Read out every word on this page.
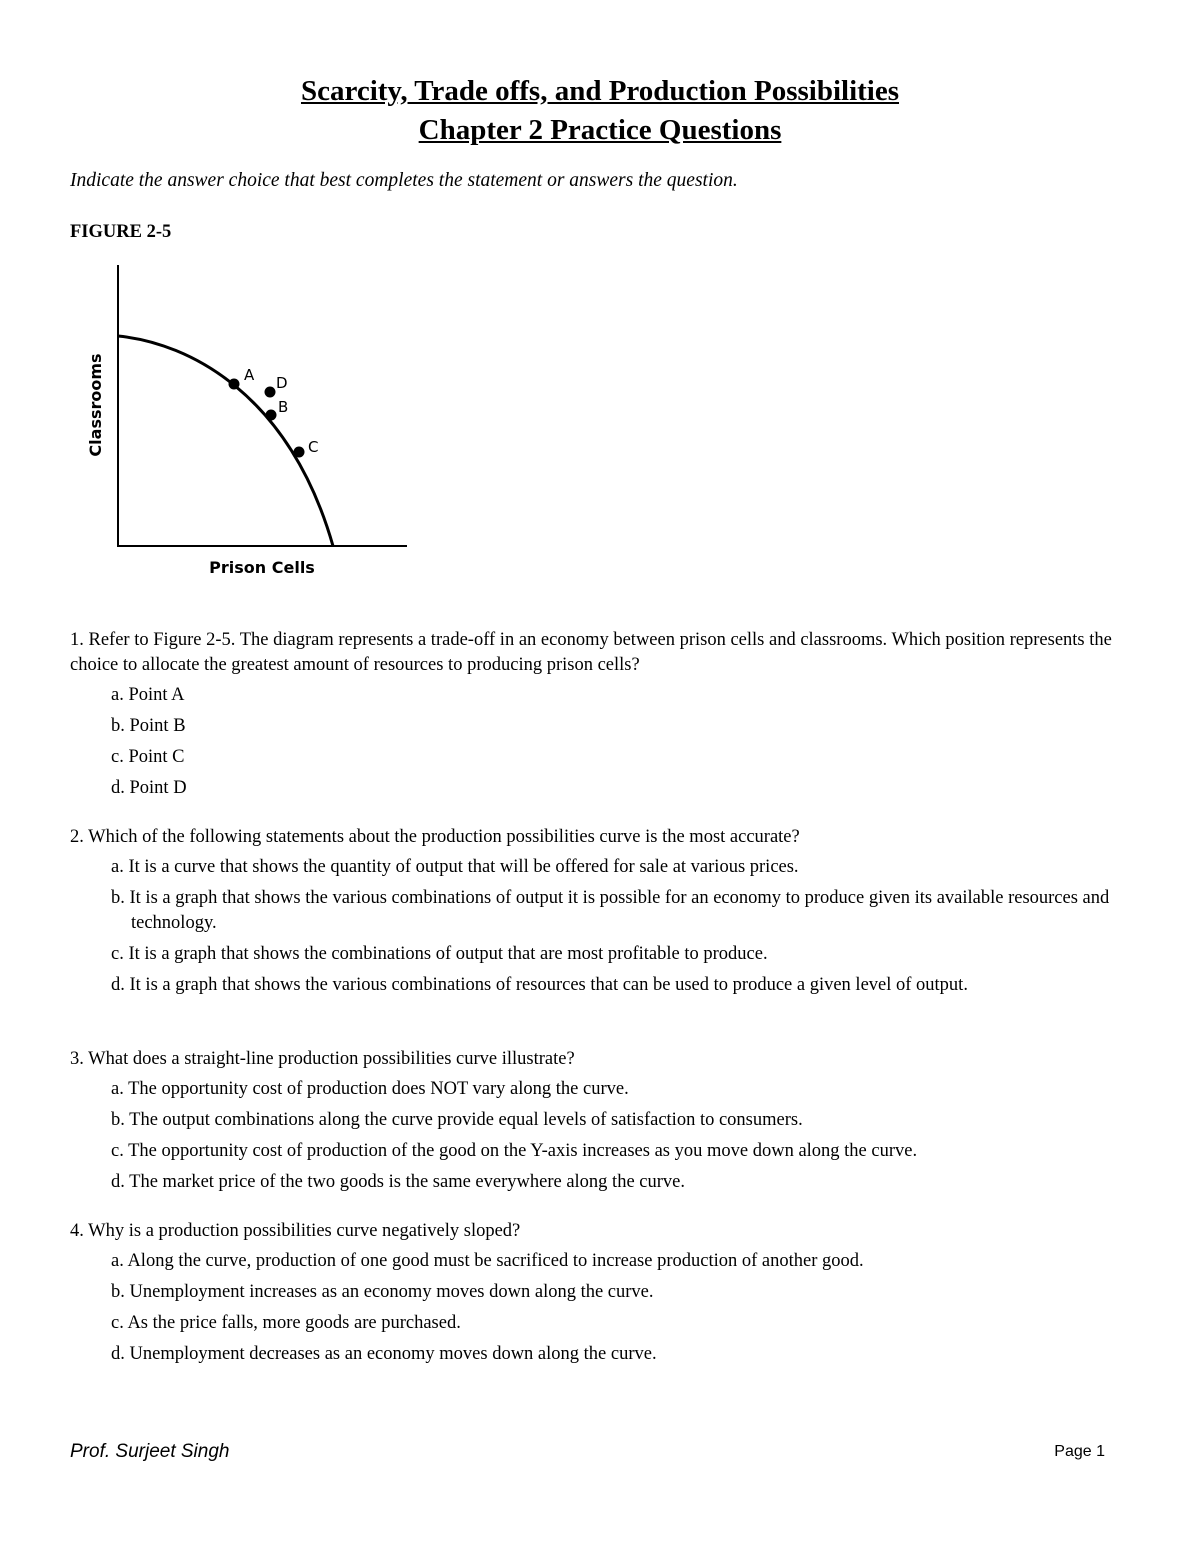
Scarcity, Trade offs, and Production Possibilities
Chapter 2 Practice Questions
Indicate the answer choice that best completes the statement or answers the question.
FIGURE 2-5
A D
B
C
Classrooms
Prison Cells

1. Refer to Figure 2-5. The diagram represents a trade-off in an economy between prison cells and classrooms. Which position represents the choice to allocate the greatest amount of resources to producing prison cells?

a. Point A

b. Point B

c. Point C

d. Point D

2. Which of the following statements about the production possibilities curve is the most accurate?

a. It is a curve that shows the quantity of output that will be offered for sale at various prices.

b. It is a graph that shows the various combinations of output it is possible for an economy to produce given its available resources and technology.

c. It is a graph that shows the combinations of output that are most profitable to produce.

d. It is a graph that shows the various combinations of resources that can be used to produce a given level of output.

3. What does a straight-line production possibilities curve illustrate?

a. The opportunity cost of production does NOT vary along the curve.

b. The output combinations along the curve provide equal levels of satisfaction to consumers.

c. The opportunity cost of production of the good on the Y-axis increases as you move down along the curve.

d. The market price of the two goods is the same everywhere along the curve.

4. Why is a production possibilities curve negatively sloped?

a. Along the curve, production of one good must be sacrificed to increase production of another good.

b. Unemployment increases as an economy moves down along the curve.

c. As the price falls, more goods are purchased.

d. Unemployment decreases as an economy moves down along the curve.

Prof. Surjeet Singh	Page 1
